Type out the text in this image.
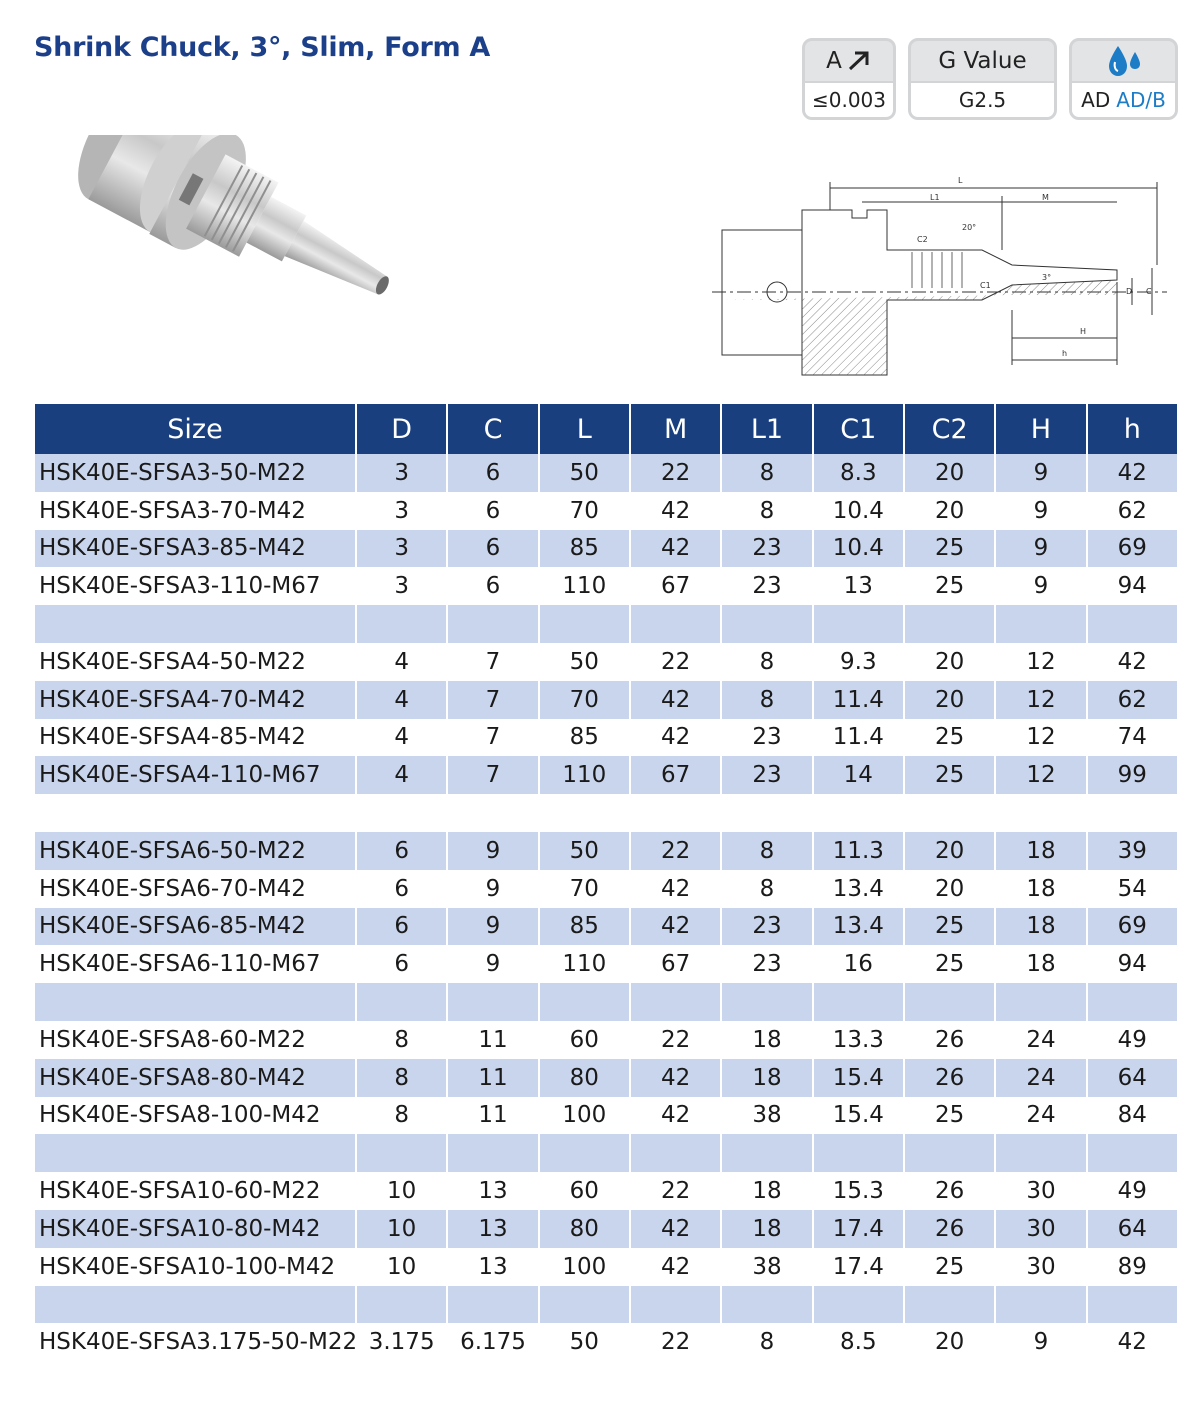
Shrink Chuck, 3°, Slim, Form A	A
≤0.003
G Value
G2.5	AD AD/B
L
L1	M
C2
20°
C1
3°
D C
H
h
Size	D	C	L	M	L1	C1	C2	H	h
HSK40E-SFSA3-50-M22	3	6	50	22	8	8.3	20	9	42
HSK40E-SFSA3-70-M42	3	6	70	42	8	10.4	20	9	62
HSK40E-SFSA3-85-M42	3	6	85	42	23	10.4	25	9	69
HSK40E-SFSA3-110-M67	3	6	110	67	23	13	25	9	94

HSK40E-SFSA4-50-M22	4	7	50	22	8	9.3	20	12	42
HSK40E-SFSA4-70-M42	4	7	70	42	8	11.4	20	12	62
HSK40E-SFSA4-85-M42	4	7	85	42	23	11.4	25	12	74
HSK40E-SFSA4-110-M67	4	7	110	67	23	14	25	12	99

HSK40E-SFSA6-50-M22	6	9	50	22	8	11.3	20	18	39
HSK40E-SFSA6-70-M42	6	9	70	42	8	13.4	20	18	54
HSK40E-SFSA6-85-M42	6	9	85	42	23	13.4	25	18	69
HSK40E-SFSA6-110-M67	6	9	110	67	23	16	25	18	94

HSK40E-SFSA8-60-M22	8	11	60	22	18	13.3	26	24	49
HSK40E-SFSA8-80-M42	8	11	80	42	18	15.4	26	24	64
HSK40E-SFSA8-100-M42	8	11	100	42	38	15.4	25	24	84

HSK40E-SFSA10-60-M22	10	13	60	22	18	15.3	26	30	49
HSK40E-SFSA10-80-M42	10	13	80	42	18	17.4	26	30	64
HSK40E-SFSA10-100-M42	10	13	100	42	38	17.4	25	30	89

HSK40E-SFSA3.175-50-M22	3.175	6.175	50	22	8	8.5	20	9	42
